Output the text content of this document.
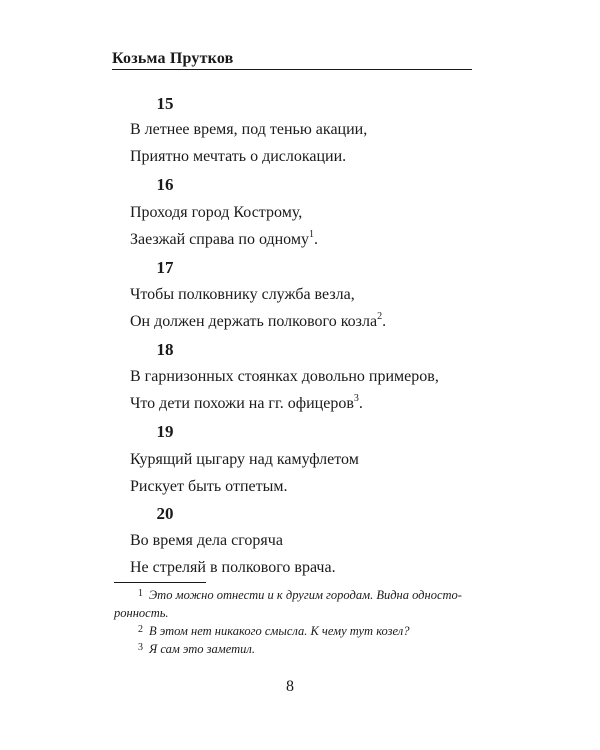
Козьма Прутков
15
В летнее время, под тенью акации,
Приятно мечтать о дислокации.
16
Проходя город Кострому,
Заезжай справа по одному$^1$.
17
Чтобы полковнику служба везла,
Он должен держать полкового козла$^2$.
18
В гарнизонных стоянках довольно примеров,
Что дети похожи на гг. офицеров$^3$.
19
Курящий цыгару над камуфлетом
Рискует быть отпетым.
20
Во время дела сгоряча
Не стреляй в полкового врача.
$^1$ Это можно отнести и к другим городам. Видна односто-
ронность.
$^2$ В этом нет никакого смысла. К чему тут козел?
$^3$ Я сам это заметил.
8
